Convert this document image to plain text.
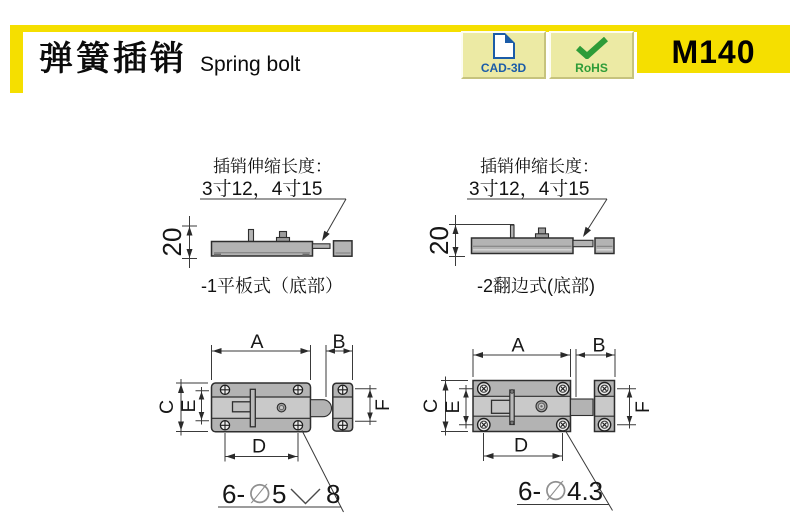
弹簧插销 Spring bolt	CAD-3D	RoHS	M140
插销伸缩长度：
3寸12，4寸15
20
-1平板式（底部）
插销伸缩长度：
3寸12，4寸15
20
-2翻边式(底部)
A	B
C E
D
F
6- ∅ 5 8
A	B
C E
D
F
6- ∅ 4.3
